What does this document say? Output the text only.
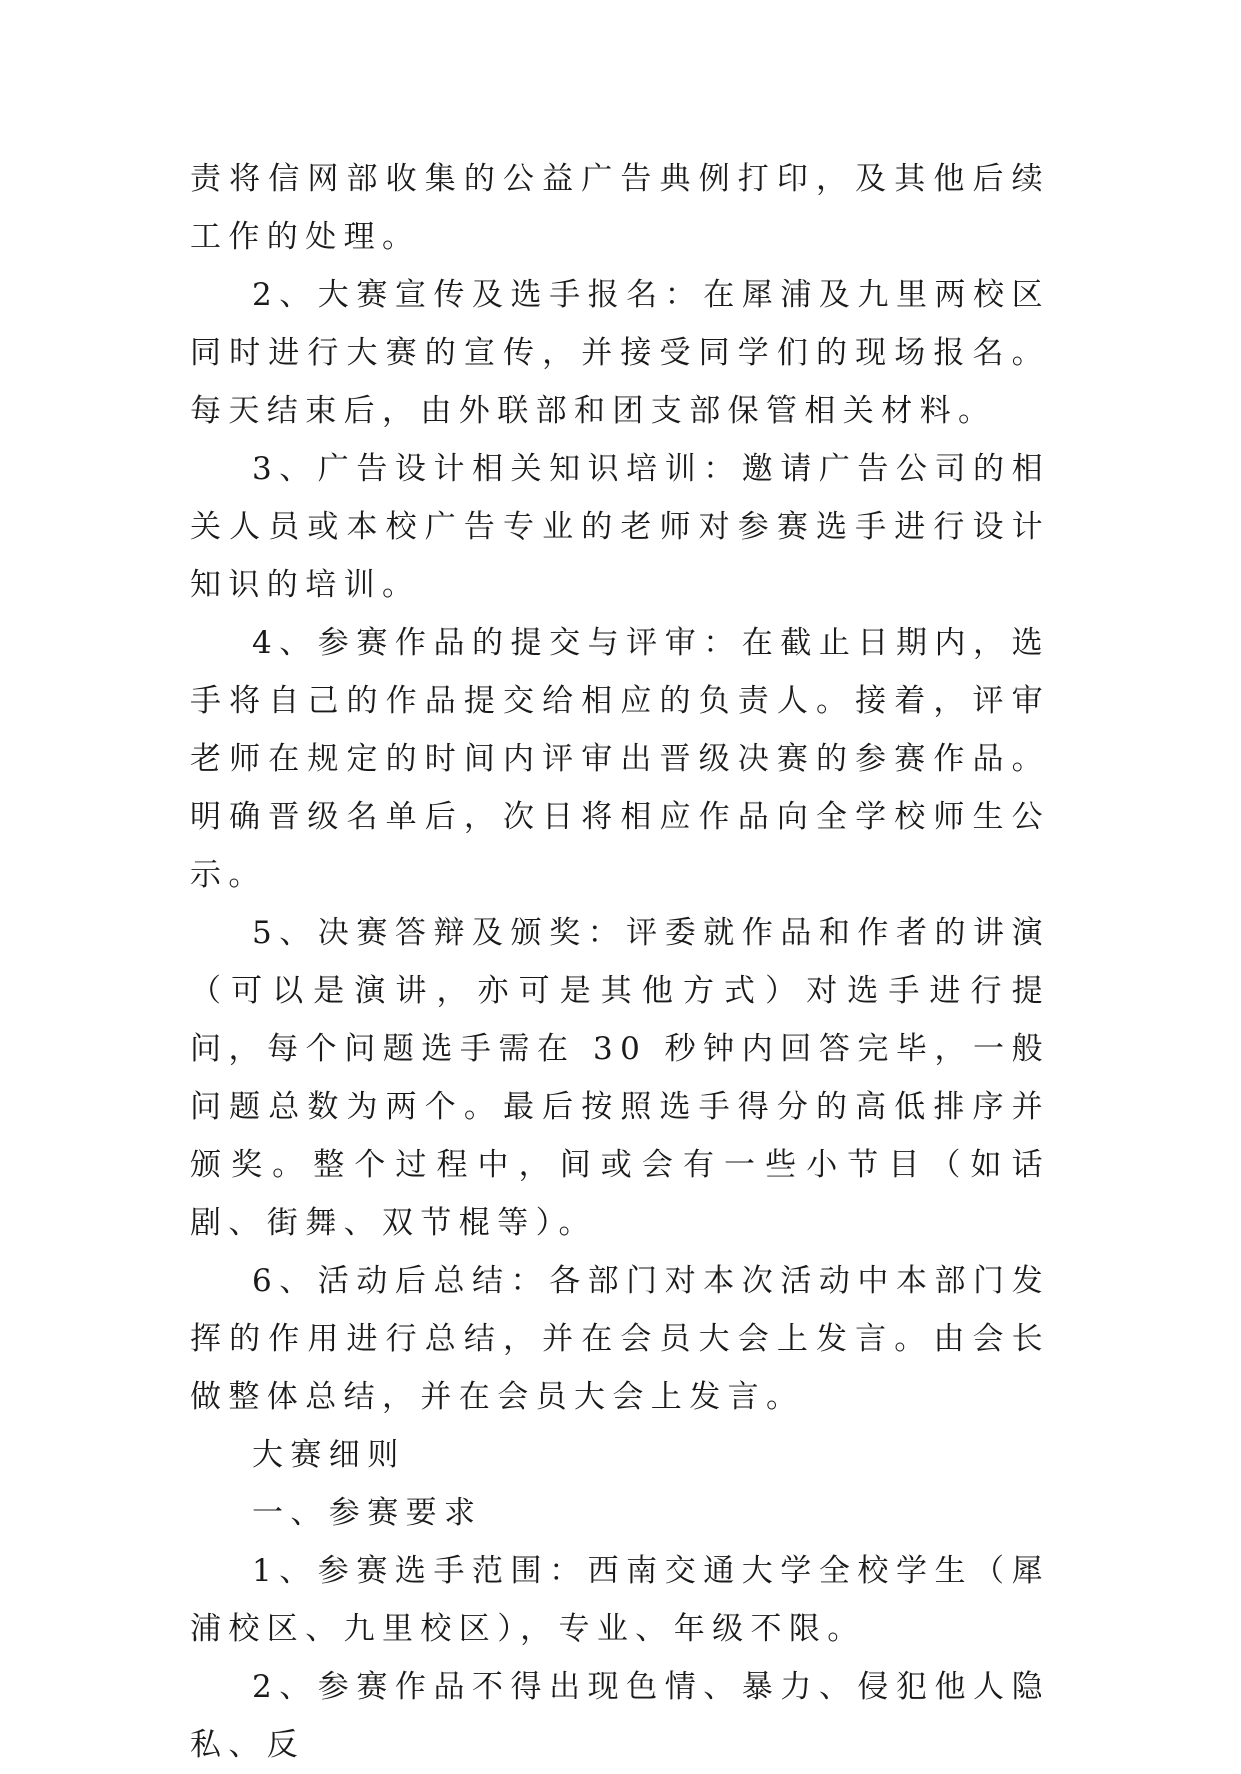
责将信网部收集的公益广告典例打印，及其他后续工作的处理。

2、大赛宣传及选手报名：在犀浦及九里两校区同时进行大赛的宣传，并接受同学们的现场报名。每天结束后，由外联部和团支部保管相关材料。

3、广告设计相关知识培训：邀请广告公司的相关人员或本校广告专业的老师对参赛选手进行设计知识的培训。

4、参赛作品的提交与评审：在截止日期内，选手将自己的作品提交给相应的负责人。接着，评审老师在规定的时间内评审出晋级决赛的参赛作品。明确晋级名单后，次日将相应作品向全学校师生公示。

5、决赛答辩及颁奖：评委就作品和作者的讲演（可以是演讲，亦可是其他方式）对选手进行提问，每个问题选手需在 30 秒钟内回答完毕，一般问题总数为两个。最后按照选手得分的高低排序并颁奖。整个过程中，间或会有一些小节目（如话剧、街舞、双节棍等）。

6、活动后总结：各部门对本次活动中本部门发挥的作用进行总结，并在会员大会上发言。由会长做整体总结，并在会员大会上发言。

大赛细则

一、参赛要求

1、参赛选手范围：西南交通大学全校学生（犀浦校区、九里校区），专业、年级不限。

2、参赛作品不得出现色情、暴力、侵犯他人隐私、反
